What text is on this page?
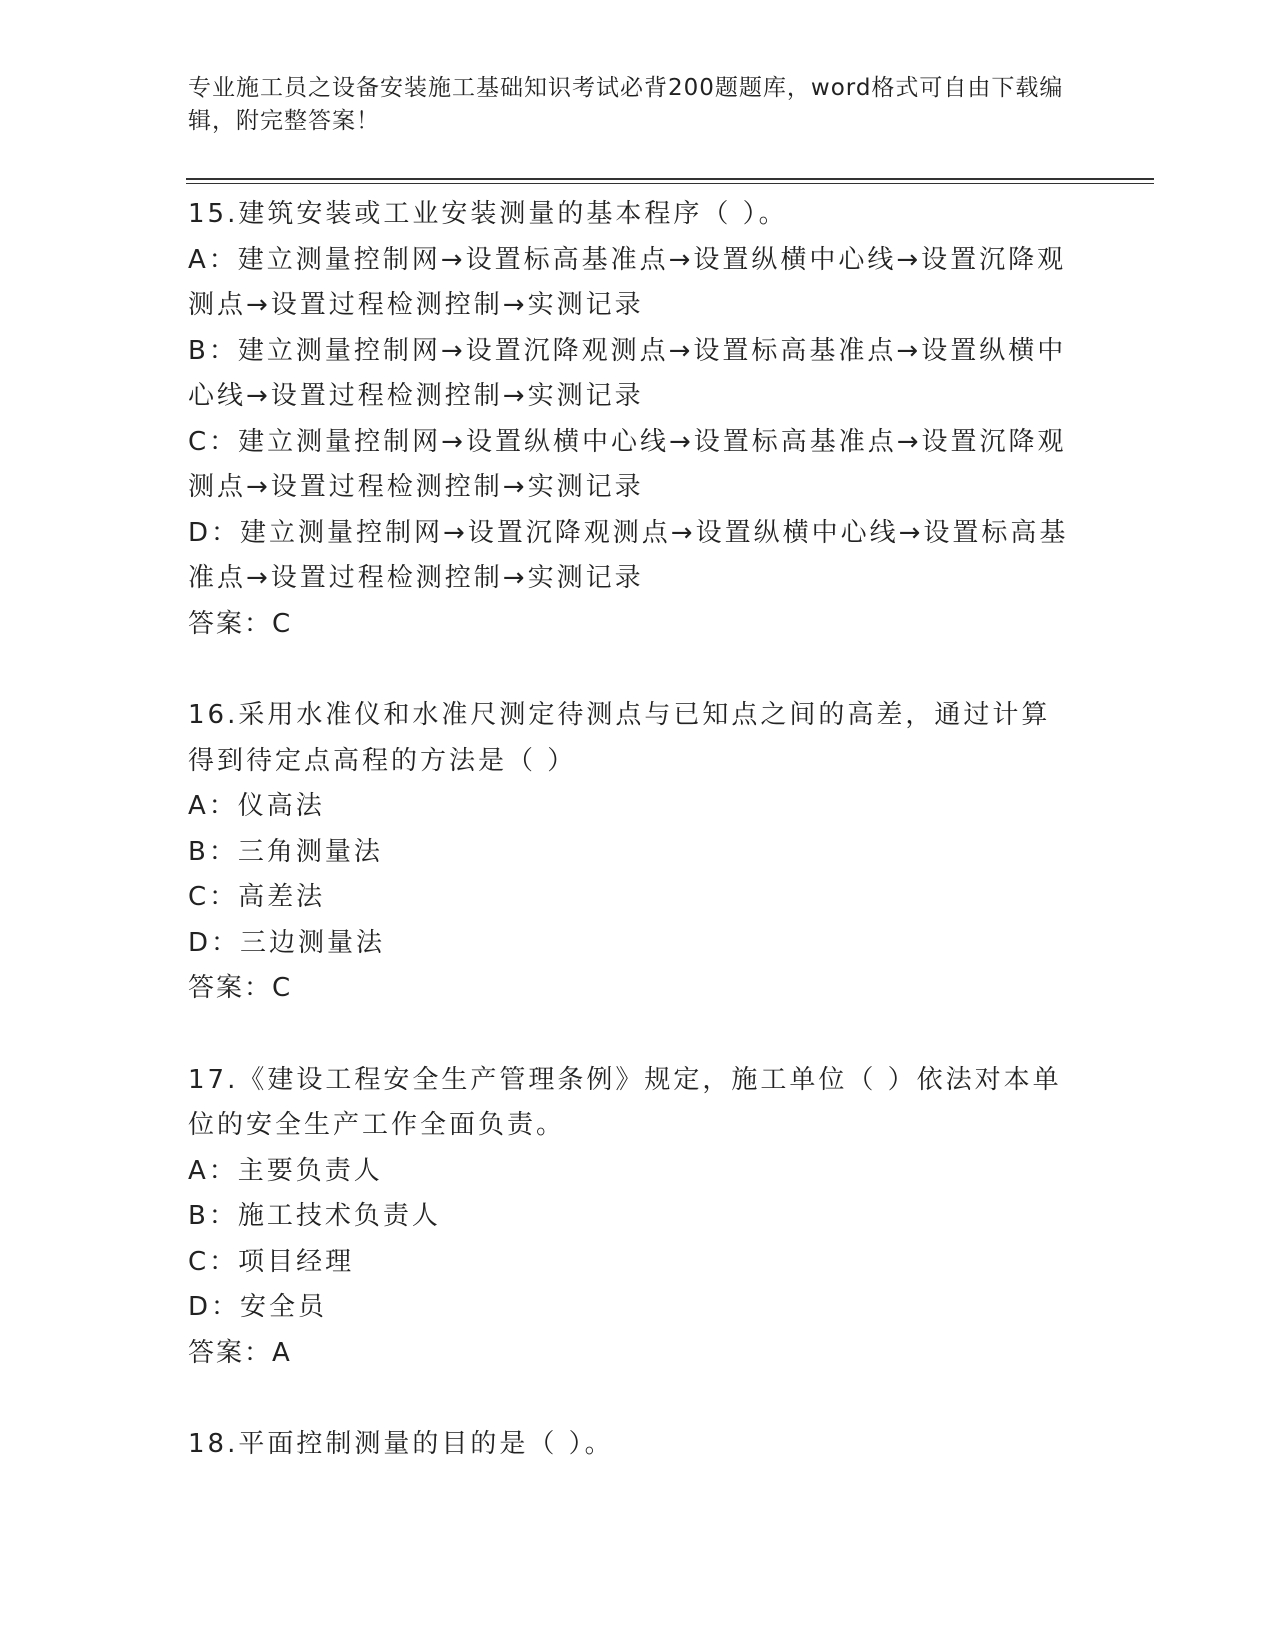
专业施工员之设备安装施工基础知识考试必背200题题库，word格式可自由下载编辑，附完整答案！

15.建筑安装或工业安装测量的基本程序（ ）。

A：建立测量控制网→设置标高基准点→设置纵横中心线→设置沉降观测点→设置过程检测控制→实测记录

B：建立测量控制网→设置沉降观测点→设置标高基准点→设置纵横中心线→设置过程检测控制→实测记录

C：建立测量控制网→设置纵横中心线→设置标高基准点→设置沉降观测点→设置过程检测控制→实测记录

D：建立测量控制网→设置沉降观测点→设置纵横中心线→设置标高基准点→设置过程检测控制→实测记录

答案：C

16.采用水准仪和水准尺测定待测点与已知点之间的高差，通过计算得到待定点高程的方法是（ ）

A：仪高法

B：三角测量法

C：高差法

D：三边测量法

答案：C

17.《建设工程安全生产管理条例》规定，施工单位（ ）依法对本单位的安全生产工作全面负责。

A：主要负责人

B：施工技术负责人

C：项目经理

D：安全员

答案：A

18.平面控制测量的目的是（ ）。
